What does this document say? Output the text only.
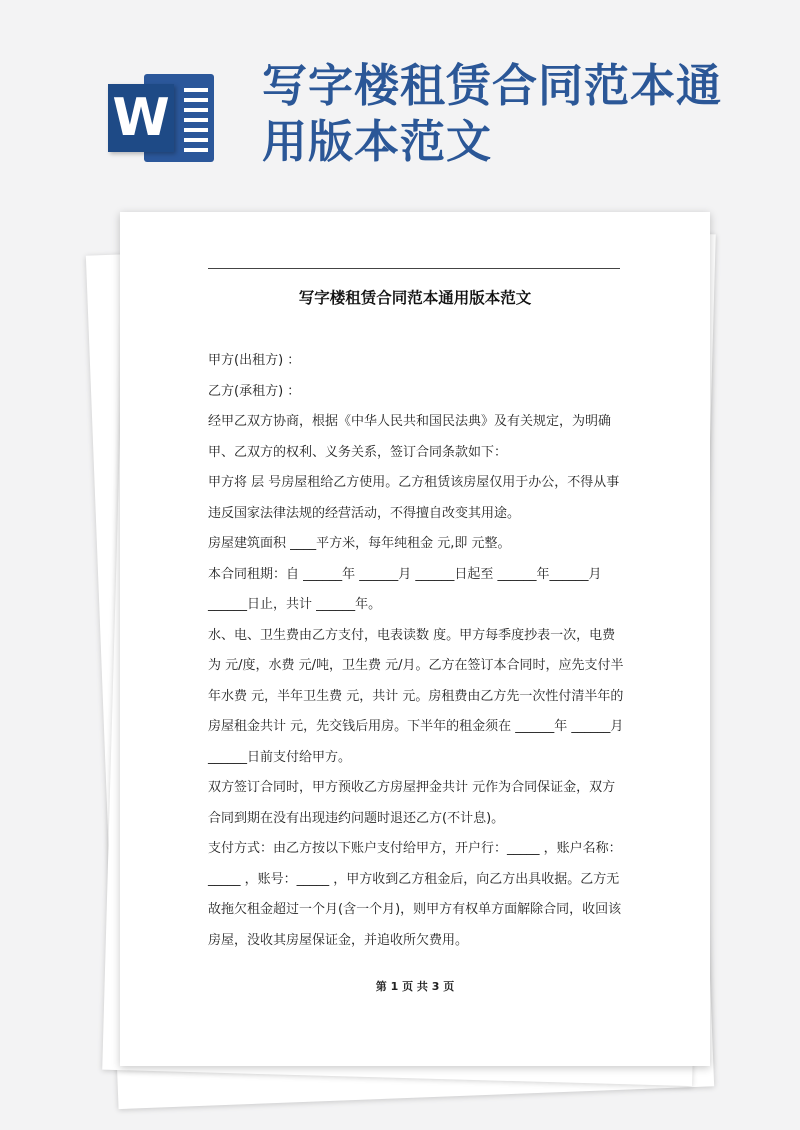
W
写字楼租赁合同范本通用版本范文
写字楼租赁合同范本通用版本范文

甲方(出租方) ：

乙方(承租方) ：

经甲乙双方协商，根据《中华人民共和国民法典》及有关规定，为明确甲、乙双方的权利、义务关系，签订合同条款如下：

甲方将 层 号房屋租给乙方使用。乙方租赁该房屋仅用于办公，不得从事违反国家法律法规的经营活动，不得擅自改变其用途。

房屋建筑面积 ____平方米，每年纯租金 元,即 元整。

本合同租期：自 ______年 ______月 ______日起至 ______年______月 ______日止，共计 ______年。

水、电、卫生费由乙方支付，电表读数 度。甲方每季度抄表一次，电费为 元/度，水费 元/吨，卫生费 元/月。乙方在签订本合同时，应先支付半年水费 元，半年卫生费 元，共计 元。房租费由乙方先一次性付清半年的房屋租金共计 元，先交钱后用房。下半年的租金须在 ______年 ______月 ______日前支付给甲方。

双方签订合同时，甲方预收乙方房屋押金共计 元作为合同保证金，双方合同到期在没有出现违约问题时退还乙方(不计息)。

支付方式：由乙方按以下账户支付给甲方，开户行：_____ ，账户名称：_____ ，账号：_____ ，甲方收到乙方租金后，向乙方出具收据。乙方无故拖欠租金超过一个月(含一个月)，则甲方有权单方面解除合同，收回该房屋，没收其房屋保证金，并追收所欠费用。

第 1 页 共 3 页
